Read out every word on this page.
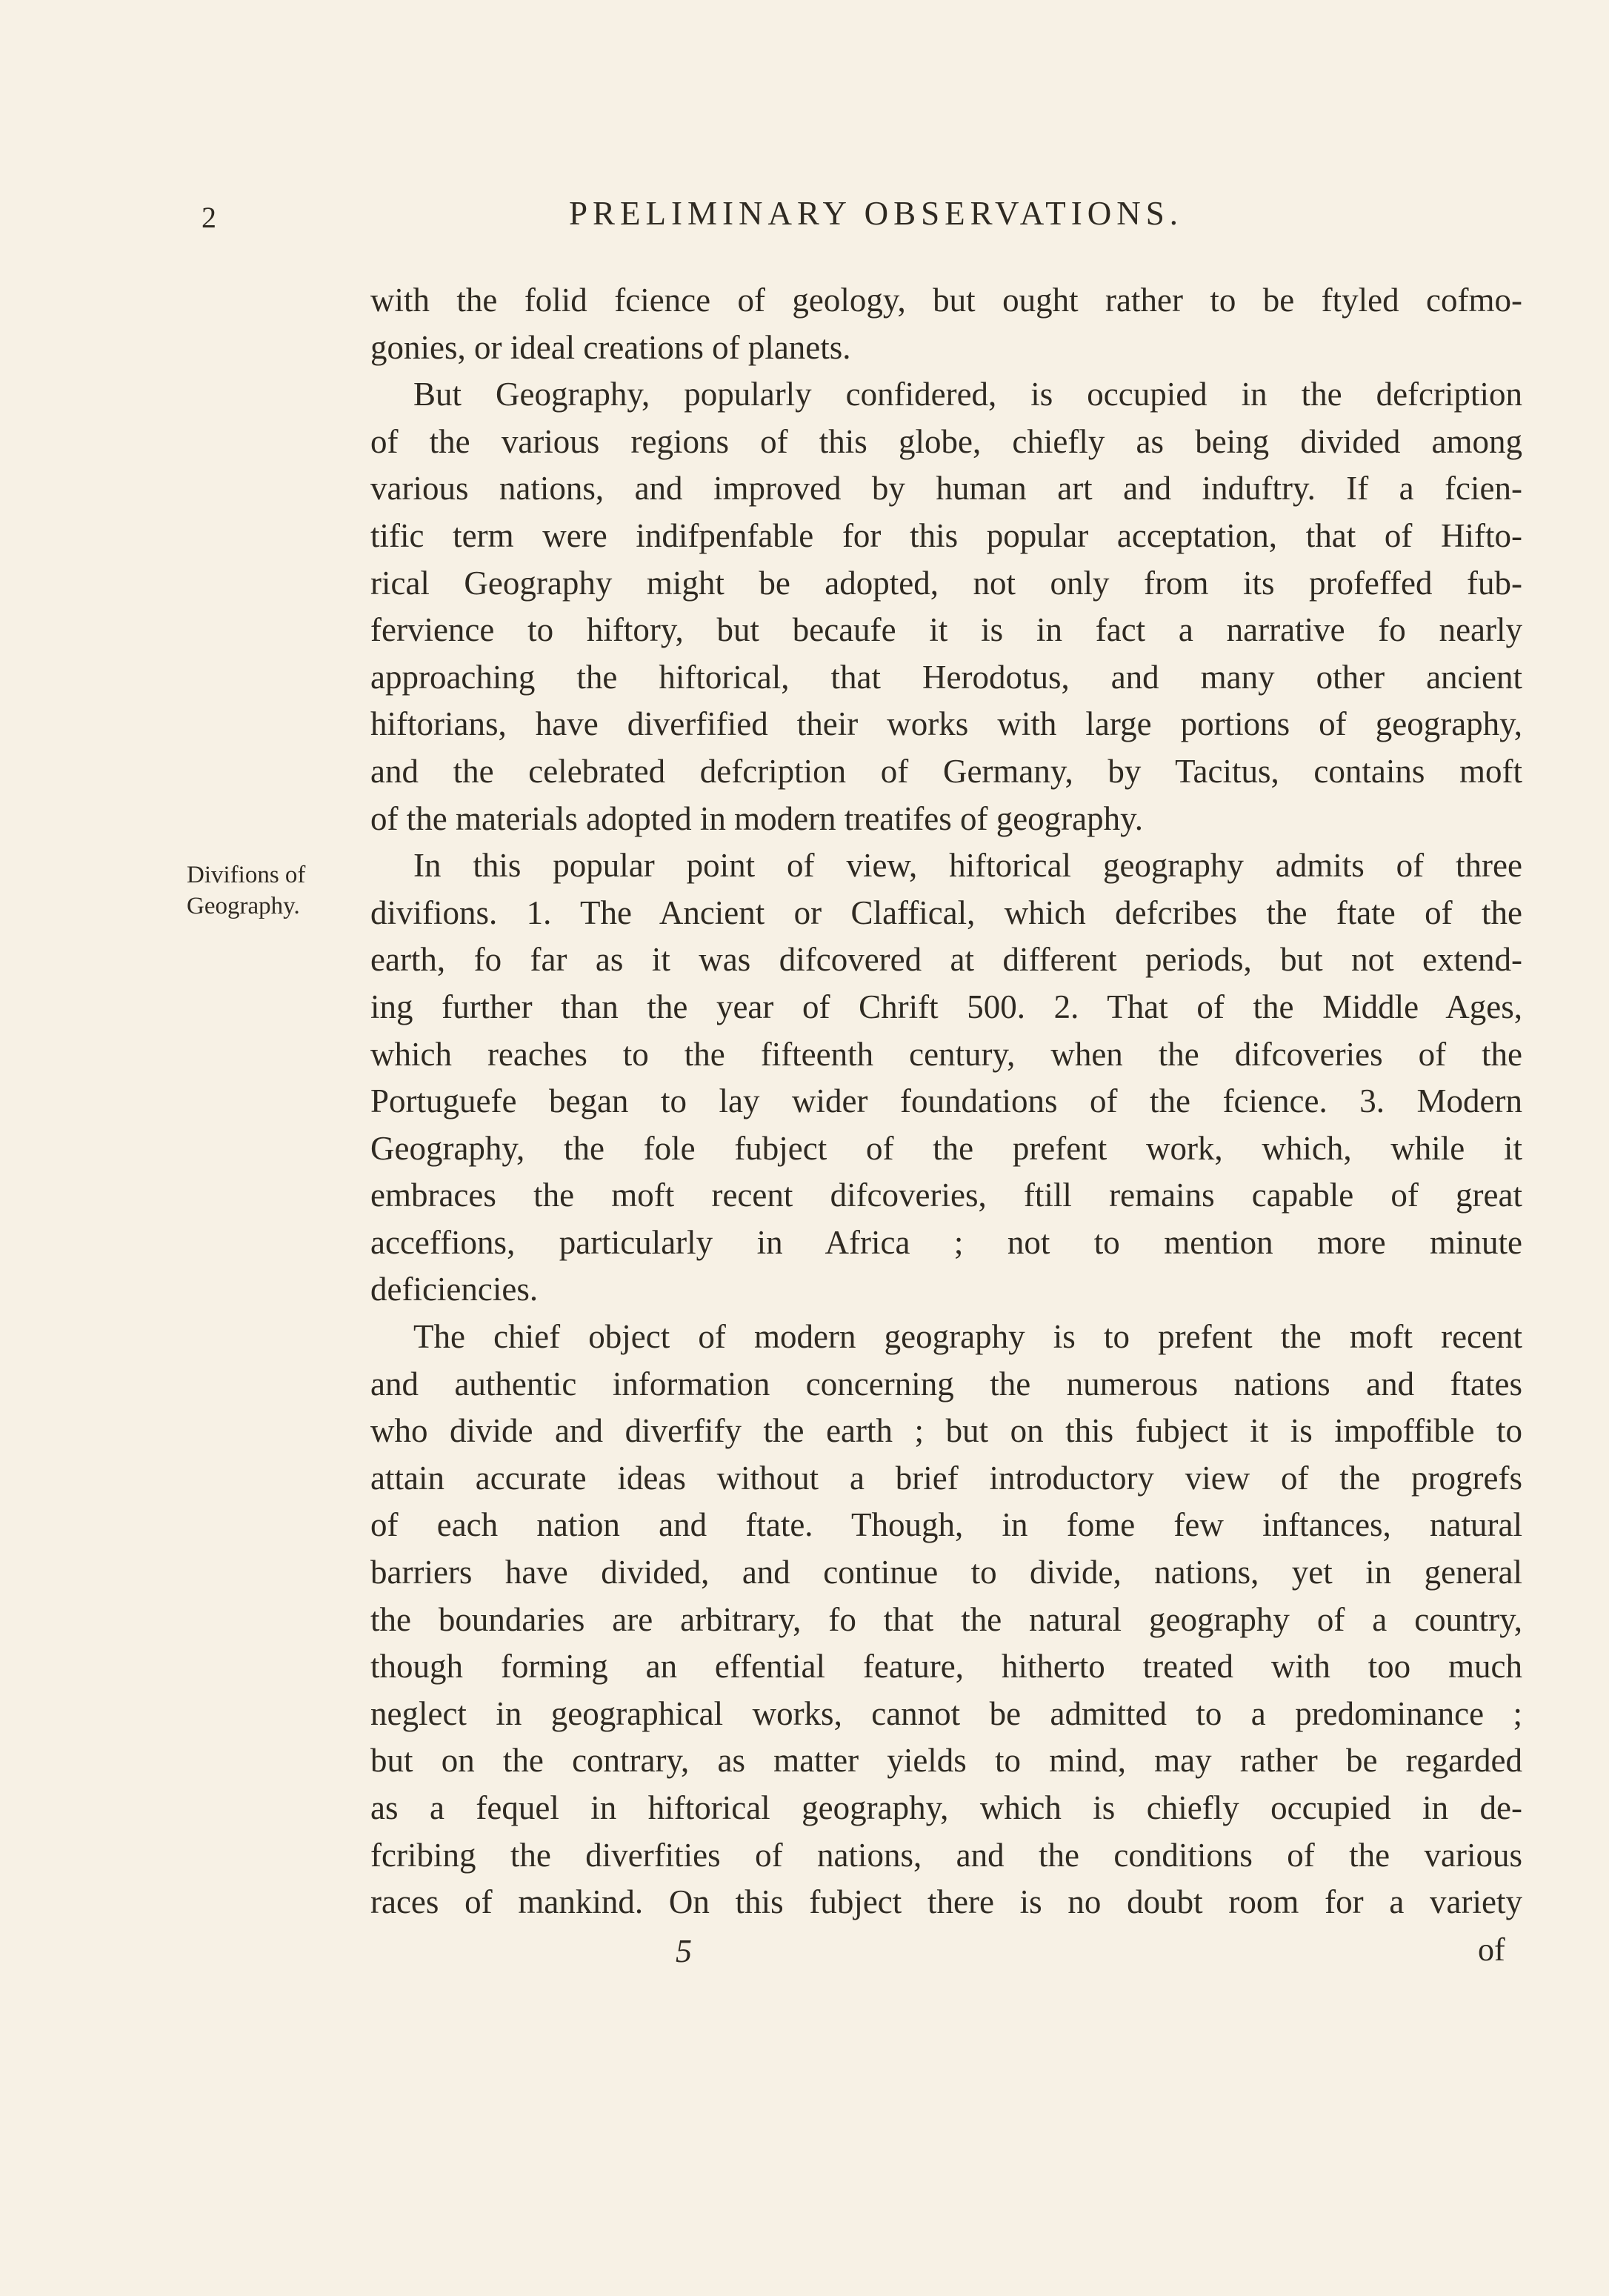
2	PRELIMINARY OBSERVATIONS.
Divifions of
Geography.
with the folid fcience of geology, but ought rather to be ftyled cofmo-
gonies, or ideal creations of planets.
But Geography, popularly confidered, is occupied in the defcription
of the various regions of this globe, chiefly as being divided among
various nations, and improved by human art and induftry. If a fcien-
tific term were indifpenfable for this popular acceptation, that of Hifto-
rical Geography might be adopted, not only from its profeffed fub-
fervience to hiftory, but becaufe it is in fact a narrative fo nearly
approaching the hiftorical, that Herodotus, and many other ancient
hiftorians, have diverfified their works with large portions of geography,
and the celebrated defcription of Germany, by Tacitus, contains moft
of the materials adopted in modern treatifes of geography.
In this popular point of view, hiftorical geography admits of three
divifions. 1. The Ancient or Claffical, which defcribes the ftate of the
earth, fo far as it was difcovered at different periods, but not extend-
ing further than the year of Chrift 500. 2. That of the Middle Ages,
which reaches to the fifteenth century, when the difcoveries of the
Portuguefe began to lay wider foundations of the fcience. 3. Modern
Geography, the fole fubject of the prefent work, which, while it
embraces the moft recent difcoveries, ftill remains capable of great
acceffions, particularly in Africa ; not to mention more minute
deficiencies.
The chief object of modern geography is to prefent the moft recent
and authentic information concerning the numerous nations and ftates
who divide and diverfify the earth ; but on this fubject it is impoffible to
attain accurate ideas without a brief introductory view of the progrefs
of each nation and ftate. Though, in fome few inftances, natural
barriers have divided, and continue to divide, nations, yet in general
the boundaries are arbitrary, fo that the natural geography of a country,
though forming an effential feature, hitherto treated with too much
neglect in geographical works, cannot be admitted to a predominance ;
but on the contrary, as matter yields to mind, may rather be regarded
as a fequel in hiftorical geography, which is chiefly occupied in de-
fcribing the diverfities of nations, and the conditions of the various
races of mankind. On this fubject there is no doubt room for a variety
5	of
